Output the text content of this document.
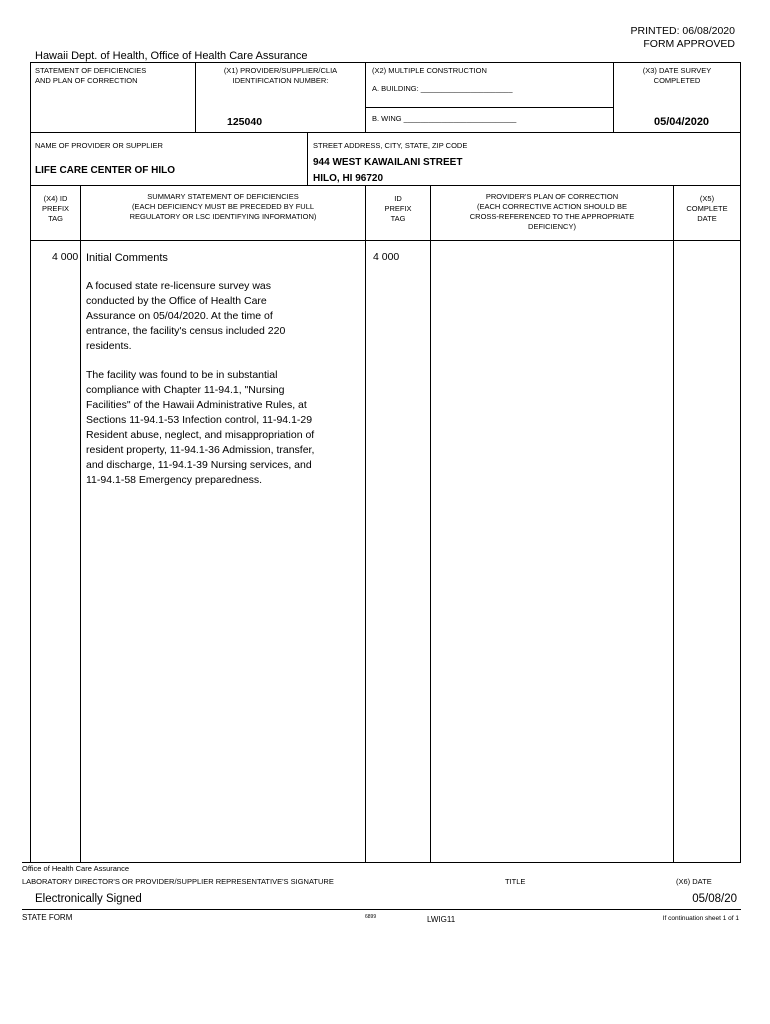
PRINTED: 06/08/2020
FORM APPROVED
Hawaii Dept. of Health, Office of Health Care Assurance
STATEMENT OF DEFICIENCIES
AND PLAN OF CORRECTION
(X1) PROVIDER/SUPPLIER/CLIA
IDENTIFICATION NUMBER:
125040
(X2) MULTIPLE CONSTRUCTION
A. BUILDING: ______________________
B. WING ___________________________
(X3) DATE SURVEY
COMPLETED
05/04/2020
NAME OF PROVIDER OR SUPPLIER
LIFE CARE CENTER OF HILO
STREET ADDRESS, CITY, STATE, ZIP CODE
944 WEST KAWAILANI STREET
HILO, HI 96720
(X4) ID
PREFIX
TAG
SUMMARY STATEMENT OF DEFICIENCIES
(EACH DEFICIENCY MUST BE PRECEDED BY FULL
REGULATORY OR LSC IDENTIFYING INFORMATION)
ID
PREFIX
TAG
PROVIDER'S PLAN OF CORRECTION
(EACH CORRECTIVE ACTION SHOULD BE
CROSS-REFERENCED TO THE APPROPRIATE
DEFICIENCY)
(X5)
COMPLETE
DATE
4 000 Initial Comments	4 000
A focused state re-licensure survey was
conducted by the Office of Health Care
Assurance on 05/04/2020. At the time of
entrance, the facility's census included 220
residents.
The facility was found to be in substantial
compliance with Chapter 11-94.1, "Nursing
Facilities" of the Hawaii Administrative Rules, at
Sections 11-94.1-53 Infection control, 11-94.1-29
Resident abuse, neglect, and misappropriation of
resident property, 11-94.1-36 Admission, transfer,
and discharge, 11-94.1-39 Nursing services, and
11-94.1-58 Emergency preparedness.
Office of Health Care Assurance
LABORATORY DIRECTOR'S OR PROVIDER/SUPPLIER REPRESENTATIVE'S SIGNATURE	TITLE	(X6) DATE
Electronically Signed	05/08/20
STATE FORM	6899	LWIG11	If continuation sheet 1 of 1
